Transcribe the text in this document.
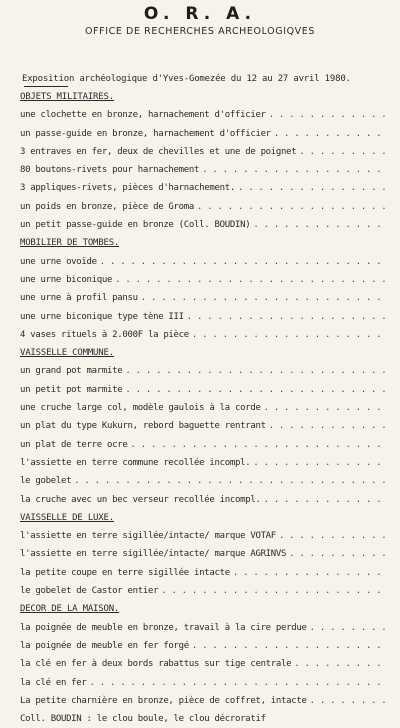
O. R. A.
OFFICE DE RECHERCHES ARCHEOLOGIQVES
Exposition archéologique d'Yves-Gomezée du 12 au 27 avril 1980.
OBJETS MILITAIRES.
une clochette en bronze, harnachement d'officier
. . .
un passe-guide en bronze, harnachement d'officier
. . .
3 entraves en fer, deux de chevilles et une de poignet
. . .
80 boutons-rivets pour harnachement
. . .
3 appliques-rivets, pièces d'harnachement.
. . .
un poids en bronze, pièce de Groma
. . .
un petit passe-guide en bronze (Coll. BOUDIN)
. . .
MOBILIER DE TOMBES.
une urne ovoïde
. . .
une urne biconique
. . .
une urne à profil pansu
. . .
une urne biconique type tène III
. . .
4 vases rituels à 2.000F la pièce
. . .
VAISSELLE COMMUNE.
un grand pot marmite
. . .
un petit pot marmite
. . .
une cruche large col, modèle gaulois à la corde
. . .
un plat du type Kukurn, rebord baguette rentrant
. . .
un plat de terre ocre
. . .
l'assiette en terre commune recollée incompl.
. . .
le gobelet
. . .
la cruche avec un bec verseur recollée incompl.
. . .
VAISSELLE DE LUXE.
l'assiette en terre sigillée/intacte/ marque VOTAF
. . .
l'assiette en terre sigillée/intacte/ marque AGRINVS
. . .
la petite coupe en terre sigillée intacte
. . .
le gobelet de Castor entier
. . .
DECOR DE LA MAISON.
la poignée de meuble en bronze, travail à la cire perdue
. . .
la poignée de meuble en fer forgé
. . .
la clé en fer à deux bords rabattus sur tige centrale
. . .
la clé en fer
. . .
La petite charnière en bronze, pièce de coffret, intacte
. . .
Coll. BOUDIN : le clou boule, le clou décroratif
